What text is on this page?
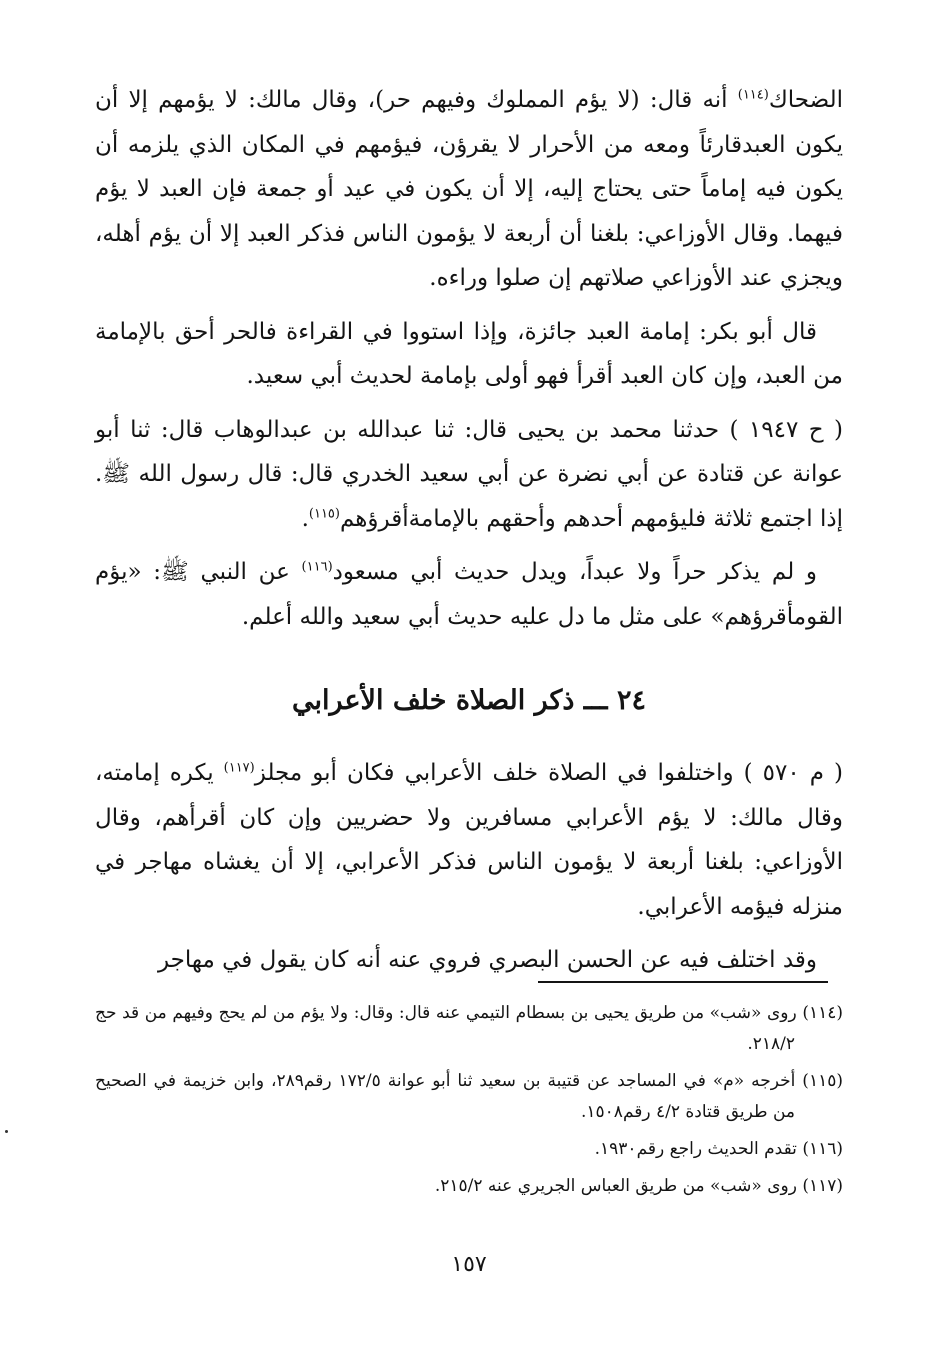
الضحاك$^{(١١٤)}$ أنه قال: (لا يؤم المملوك وفيهم حر)، وقال مالك: لا يؤمهم إلا أن يكون العبدقارئاً ومعه من الأحرار لا يقرؤن، فيؤمهم في المكان الذي يلزمه أن يكون فيه إماماً حتى يحتاج إليه، إلا أن يكون في عيد أو جمعة فإن العبد لا يؤم فيهما. وقال الأوزاعي: بلغنا أن أربعة لا يؤمون الناس فذكر العبد إلا أن يؤم أهله، ويجزي عند الأوزاعي صلاتهم إن صلوا وراءه.

قال أبو بكر: إمامة العبد جائزة، وإذا استووا في القراءة فالحر أحق بالإمامة من العبد، وإن كان العبد أقرأ فهو أولى بإمامة لحديث أبي سعيد.

( ح ١٩٤٧ ) حدثنا محمد بن يحيى قال: ثنا عبدالله بن عبدالوهاب قال: ثنا أبو عوانة عن قتادة عن أبي نضرة عن أبي سعيد الخدري قال: قال رسول الله ﷺ. إذا اجتمع ثلاثة فليؤمهم أحدهم وأحقهم بالإمامةأقرؤهم$^{(١١٥)}$.

و لم يذكر حراً ولا عبداً، ويدل حديث أبي مسعود$^{(١١٦)}$ عن النبي ﷺ: «يؤم القومأقرؤهم» على مثل ما دل عليه حديث أبي سعيد والله أعلم.

٢٤ ـــ ذكر الصلاة خلف الأعرابي

( م ٥٧٠ ) واختلفوا في الصلاة خلف الأعرابي فكان أبو مجلز$^{(١١٧)}$ يكره إمامته، وقال مالك: لا يؤم الأعرابي مسافرين ولا حضريين وإن كان أقرأهم، وقال الأوزاعي: بلغنا أربعة لا يؤمون الناس فذكر الأعرابي، إلا أن يغشاه مهاجر في منزله فيؤمه الأعرابي.

وقد اختلف فيه عن الحسن البصري فروي عنه أنه كان يقول في مهاجر

(١١٤) روى «شب» من طريق يحيى بن بسطام التيمي عنه قال: وقال: ولا يؤم من لم يحج وفيهم من قد حج ٢١٨/٢.

(١١٥) أخرجه «م» في المساجد عن قتيبة بن سعيد ثنا أبو عوانة ١٧٢/٥ رقم٢٨٩، وابن خزيمة في الصحيح من طريق قتادة ٤/٢ رقم١٥٠٨.

(١١٦) تقدم الحديث راجع رقم١٩٣٠.

(١١٧) روى «شب» من طريق العباس الجريري عنه ٢١٥/٢.

١٥٧
